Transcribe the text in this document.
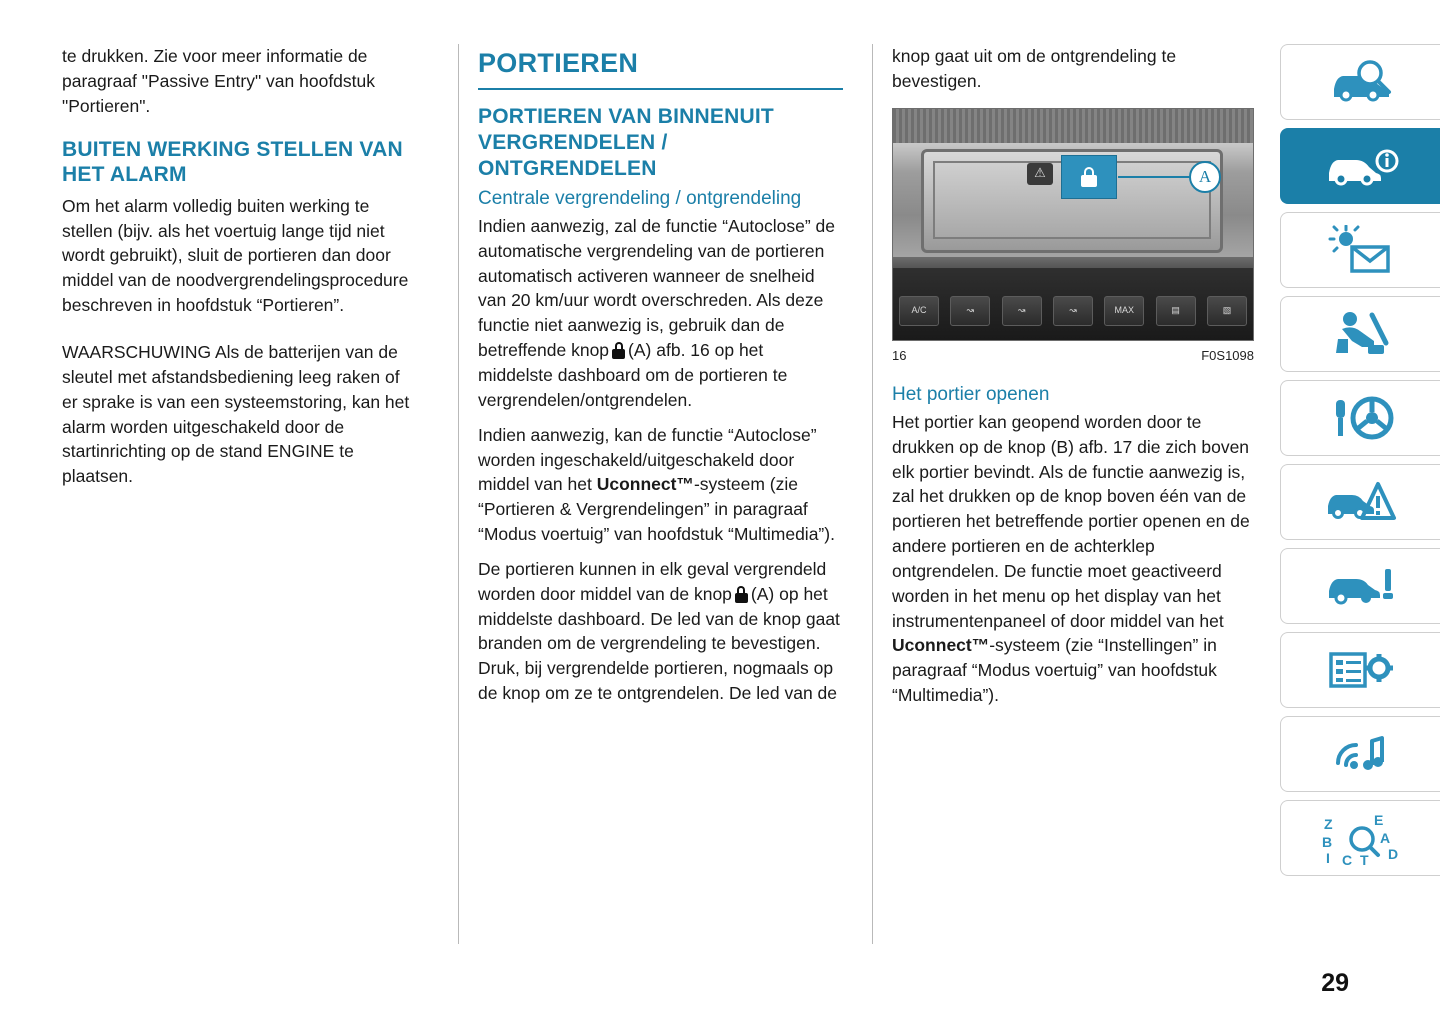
te drukken. Zie voor meer informatie de paragraaf "Passive Entry" van hoofdstuk "Portieren".

BUITEN WERKING STELLEN VAN HET ALARM

Om het alarm volledig buiten werking te stellen (bijv. als het voertuig lange tijd niet wordt gebruikt), sluit de portieren dan door middel van de noodvergrendelingsprocedure beschreven in hoofdstuk “Portieren”.

WAARSCHUWING Als de batterijen van de sleutel met afstandsbediening leeg raken of er sprake is van een systeemstoring, kan het alarm worden uitgeschakeld door de startinrichting op de stand ENGINE te plaatsen.

PORTIEREN
PORTIEREN VAN BINNENUIT VERGRENDELEN / ONTGRENDELEN
Centrale vergrendeling / ontgrendeling

Indien aanwezig, zal de functie “Autoclose” de automatische vergrendeling van de portieren automatisch activeren wanneer de snelheid van 20 km/uur wordt overschreden. Als deze functie niet aanwezig is, gebruik dan de betreffende knop (A) afb. 16 op het middelste dashboard om de portieren te vergrendelen/ontgrendelen.

Indien aanwezig, kan de functie “Autoclose” worden ingeschakeld/uitgeschakeld door middel van het Uconnect™-systeem (zie “Portieren & Vergrendelingen” in paragraaf “Modus voertuig” van hoofdstuk “Multimedia”).

De portieren kunnen in elk geval vergrendeld worden door middel van de knop (A) op het middelste dashboard. De led van de knop gaat branden om de vergrendeling te bevestigen. Druk, bij vergrendelde portieren, nogmaals op de knop om ze te ontgrendelen. De led van de

knop gaat uit om de ontgrendeling te bevestigen.

⚠	A
A/C	↝	↝	↝	MAX	▤	▧
16	F0S1098
Het portier openen

Het portier kan geopend worden door te drukken op de knop (B) afb. 17 die zich boven elk portier bevindt. Als de functie aanwezig is, zal het drukken op de knop boven één van de portieren het betreffende portier openen en de andere portieren en de achterklep ontgrendelen. De functie moet geactiveerd worden in het menu op het display van het instrumentenpaneel of door middel van het Uconnect™-systeem (zie “Instellingen” in paragraaf “Modus voertuig” van hoofdstuk “Multimedia”).

Z
B
I C T
E
A
D
29
